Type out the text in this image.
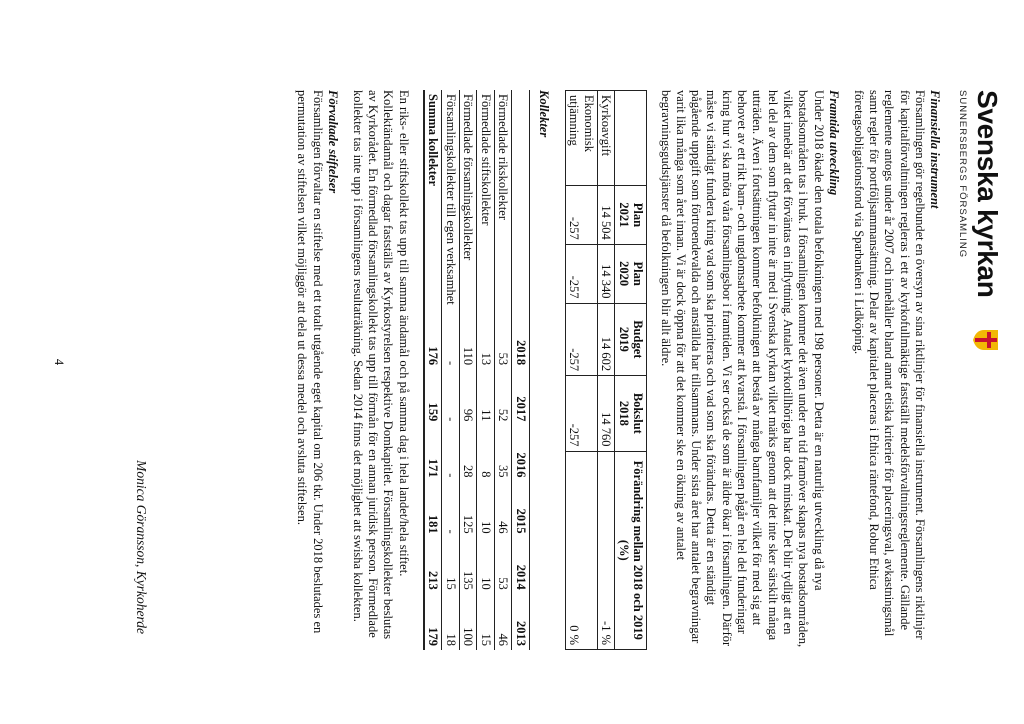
Svenska kyrkan
SUNNERSBERGS FÖRSAMLING
Finansiella instrument

Församlingen gör regelbundet en översyn av sina riktlinjer för finansiella instrument. Församlingens riktlinjer för kapitalförvaltningen regleras i ett av kyrkofullmäktige fastställt medelsförvaltningsreglemente. Gällande reglemente antogs under år 2007 och innehåller bland annat etiska kriterier för placeringsval, avkastningsmål samt regler för portföljsammansättning. Delar av kapitalet placeras i Ethica räntefond, Robur Ethica företagsobligationsfond via Sparbanken i Lidköping.

Framtida utveckling

Under 2018 ökade den totala befolkningen med 198 personer. Detta är en naturlig utveckling då nya bostadsområden tas i bruk. I församlingen kommer det även under en tid framöver skapas nya bostadsområden, vilket innebär att det förväntas en inflyttning. Antalet kyrkotillhöriga har dock minskat. Det blir tydligt att en hel del av dem som flyttar in inte är med i Svenska kyrkan vilket märks genom att det inte sker särskilt många utträden. Även i fortsättningen kommer befolkningen att bestå av många barnfamiljer vilket för med sig att behovet av ett rikt barn- och ungdomsarbete kommer att kvarstå. I församlingen pågår en hel del funderingar kring hur vi ska möta våra församlingsbor i framtiden. Vi ser också de som är äldre ökar i församlingen. Därför måste vi ständigt fundera kring vad som ska prioriteras och vad som ska förändras. Detta är en ständigt pågående uppgift som förtroendevalda och anställda har tillsammans. Under sista året har antalet begravningar varit lika många som året innan. Vi är dock öppna för att det kommer ske en ökning av antalet begravningsgudstjänster då befolkningen blir allt äldre.

	Plan 2021	Plan 2020	Budget 2019	Bokslut 2018	Förändring mellan 2018 och 2019 (%)
Kyrkoavgift	14 504	14 340	14 602	14 760	-1 %
Ekonomisk utjämning	-257	-257	-257	-257	0 %
Kollekter
	2018	2017	2016	2015	2014	2013
Förmedlade rikskollekter	53	52	35	46	53	46
Förmedlade stiftskollekter	13	11	8	10	10	15
Förmedlade församlingskollekter	110	96	28	125	135	100
Församlingskollekter till egen verksamhet	-	-	-	-	15	18
Summa kollekter	176	159	171	181	213	179

En riks- eller stiftskollekt tas upp till samma ändamål och på samma dag i hela landet/hela stiftet. Kollektändamål och dagar fastställs av Kyrkostyrelsen respektive Domkapitlet. Församlingskollekter beslutas av Kyrkorådet. En förmedlad församlingskollekt tas upp till förmån för en annan juridisk person. Förmedlade kollekter tas inte upp i församlingens resultaträkning. Sedan 2014 finns det möjlighet att swisha kollekten.

Förvaltade stiftelser

Församlingen förvaltar en stiftelse med ett totalt utgående eget kapital om 206 tkr. Under 2018 beslutades en permutation av stiftelsen vilket möjliggör att dela ut dessa medel och avsluta stiftelsen.

Monica Göransson, Kyrkoherde
4
